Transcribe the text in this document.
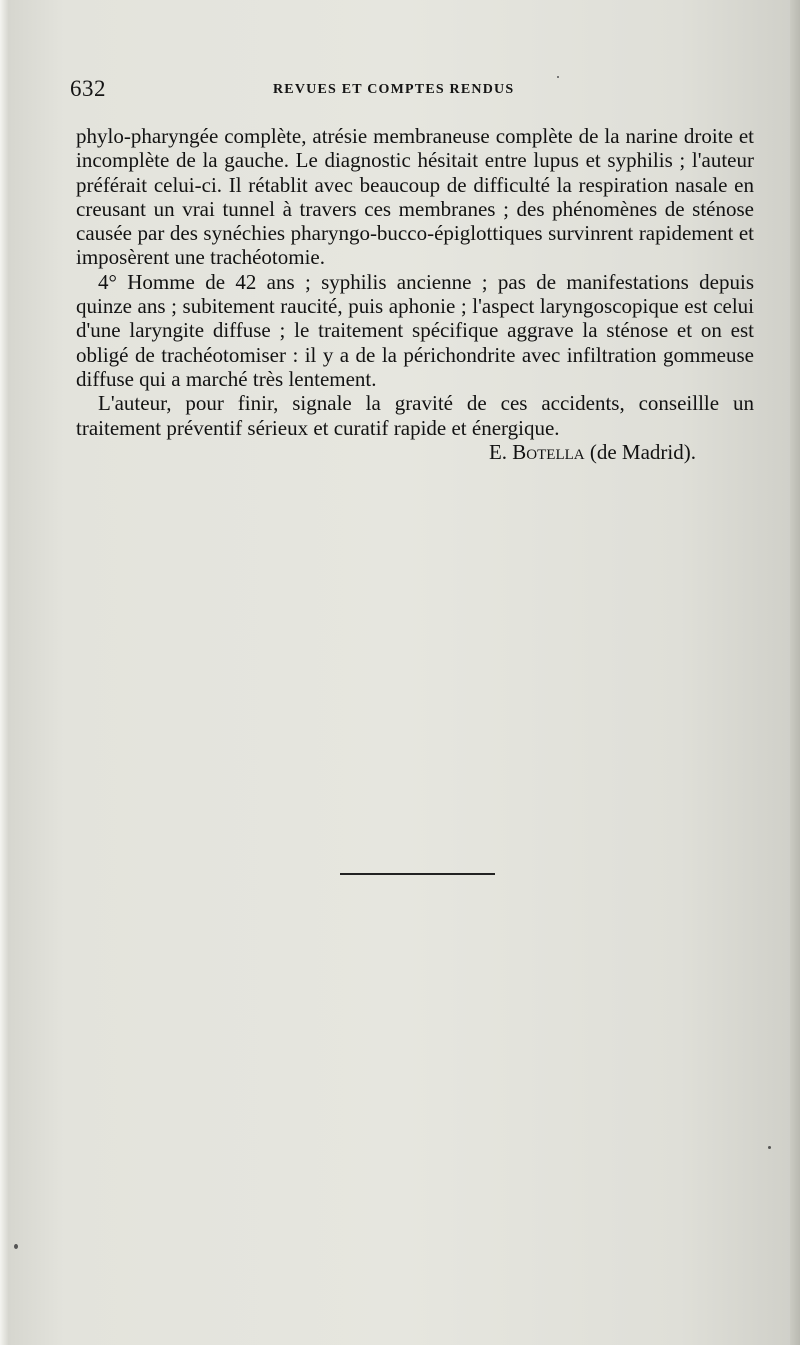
632	REVUES ET COMPTES RENDUS

phylo-pharyngée complète, atrésie membraneuse complète de la narine droite et incomplète de la gauche. Le diagnostic hésitait entre lupus et syphilis ; l'auteur préférait celui-ci. Il rétablit avec beaucoup de difficulté la respiration nasale en creusant un vrai tunnel à travers ces membranes ; des phénomènes de sténose causée par des synéchies pharyngo-bucco-épiglottiques survinrent rapidement et imposèrent une trachéotomie.

4° Homme de 42 ans ; syphilis ancienne ; pas de manifestations depuis quinze ans ; subitement raucité, puis aphonie ; l'aspect laryngoscopique est celui d'une laryngite diffuse ; le traitement spécifique aggrave la sténose et on est obligé de trachéotomiser : il y a de la périchondrite avec infiltration gommeuse diffuse qui a marché très lentement.

L'auteur, pour finir, signale la gravité de ces accidents, conseillle un traitement préventif sérieux et curatif rapide et énergique.

E. Botella (de Madrid).
